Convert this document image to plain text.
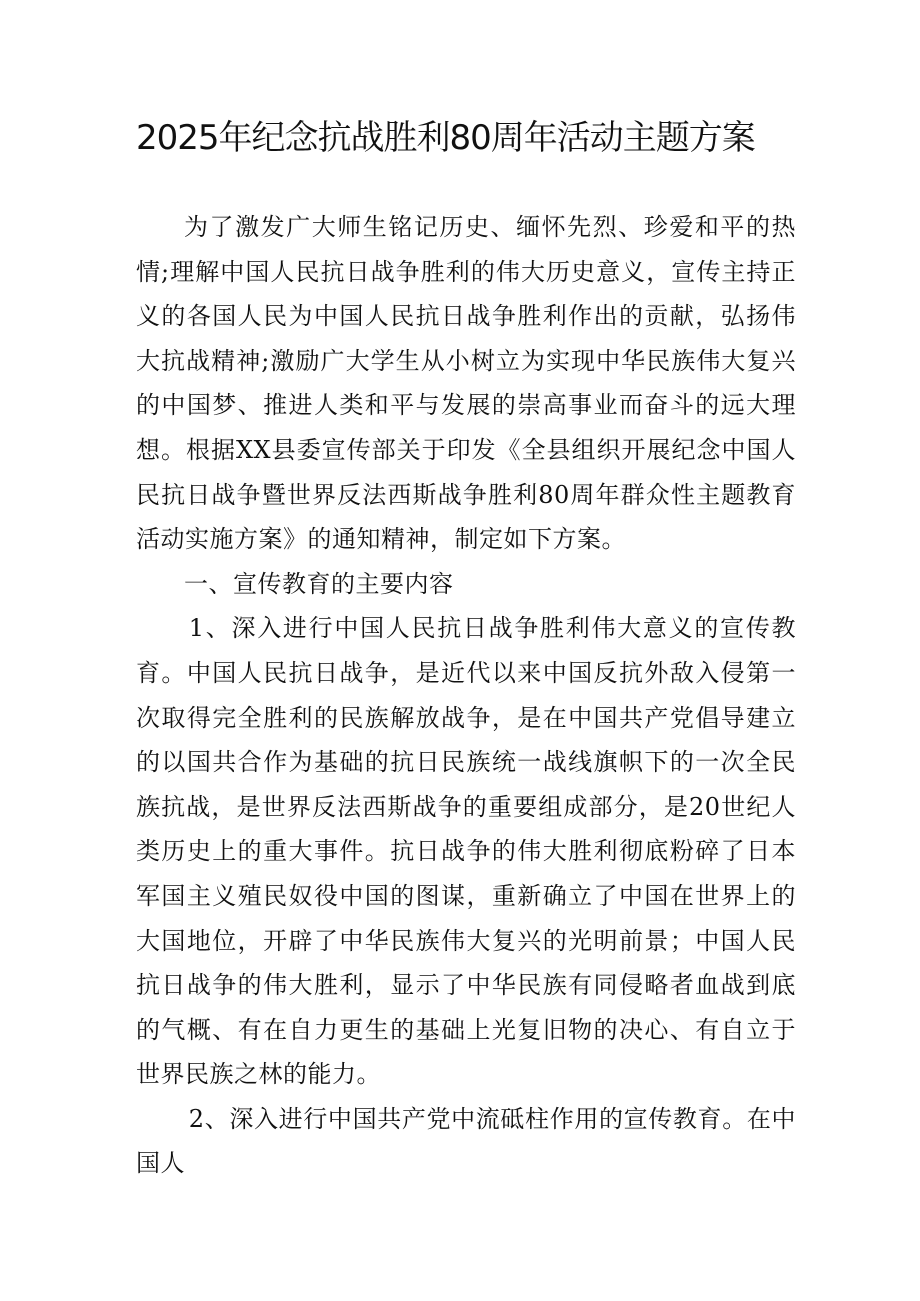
2025年纪念抗战胜利80周年活动主题方案

为了激发广大师生铭记历史、缅怀先烈、珍爱和平的热情;理解中国人民抗日战争胜利的伟大历史意义，宣传主持正义的各国人民为中国人民抗日战争胜利作出的贡献，弘扬伟大抗战精神;激励广大学生从小树立为实现中华民族伟大复兴的中国梦、推进人类和平与发展的崇高事业而奋斗的远大理想。根据XX县委宣传部关于印发《全县组织开展纪念中国人民抗日战争暨世界反法西斯战争胜利80周年群众性主题教育活动实施方案》的通知精神，制定如下方案。

一、宣传教育的主要内容

1、深入进行中国人民抗日战争胜利伟大意义的宣传教育。中国人民抗日战争，是近代以来中国反抗外敌入侵第一次取得完全胜利的民族解放战争，是在中国共产党倡导建立的以国共合作为基础的抗日民族统一战线旗帜下的一次全民族抗战，是世界反法西斯战争的重要组成部分，是20世纪人类历史上的重大事件。抗日战争的伟大胜利彻底粉碎了日本军国主义殖民奴役中国的图谋，重新确立了中国在世界上的大国地位，开辟了中华民族伟大复兴的光明前景；中国人民抗日战争的伟大胜利，显示了中华民族有同侵略者血战到底的气概、有在自力更生的基础上光复旧物的决心、有自立于世界民族之林的能力。

2、深入进行中国共产党中流砥柱作用的宣传教育。在中国人
